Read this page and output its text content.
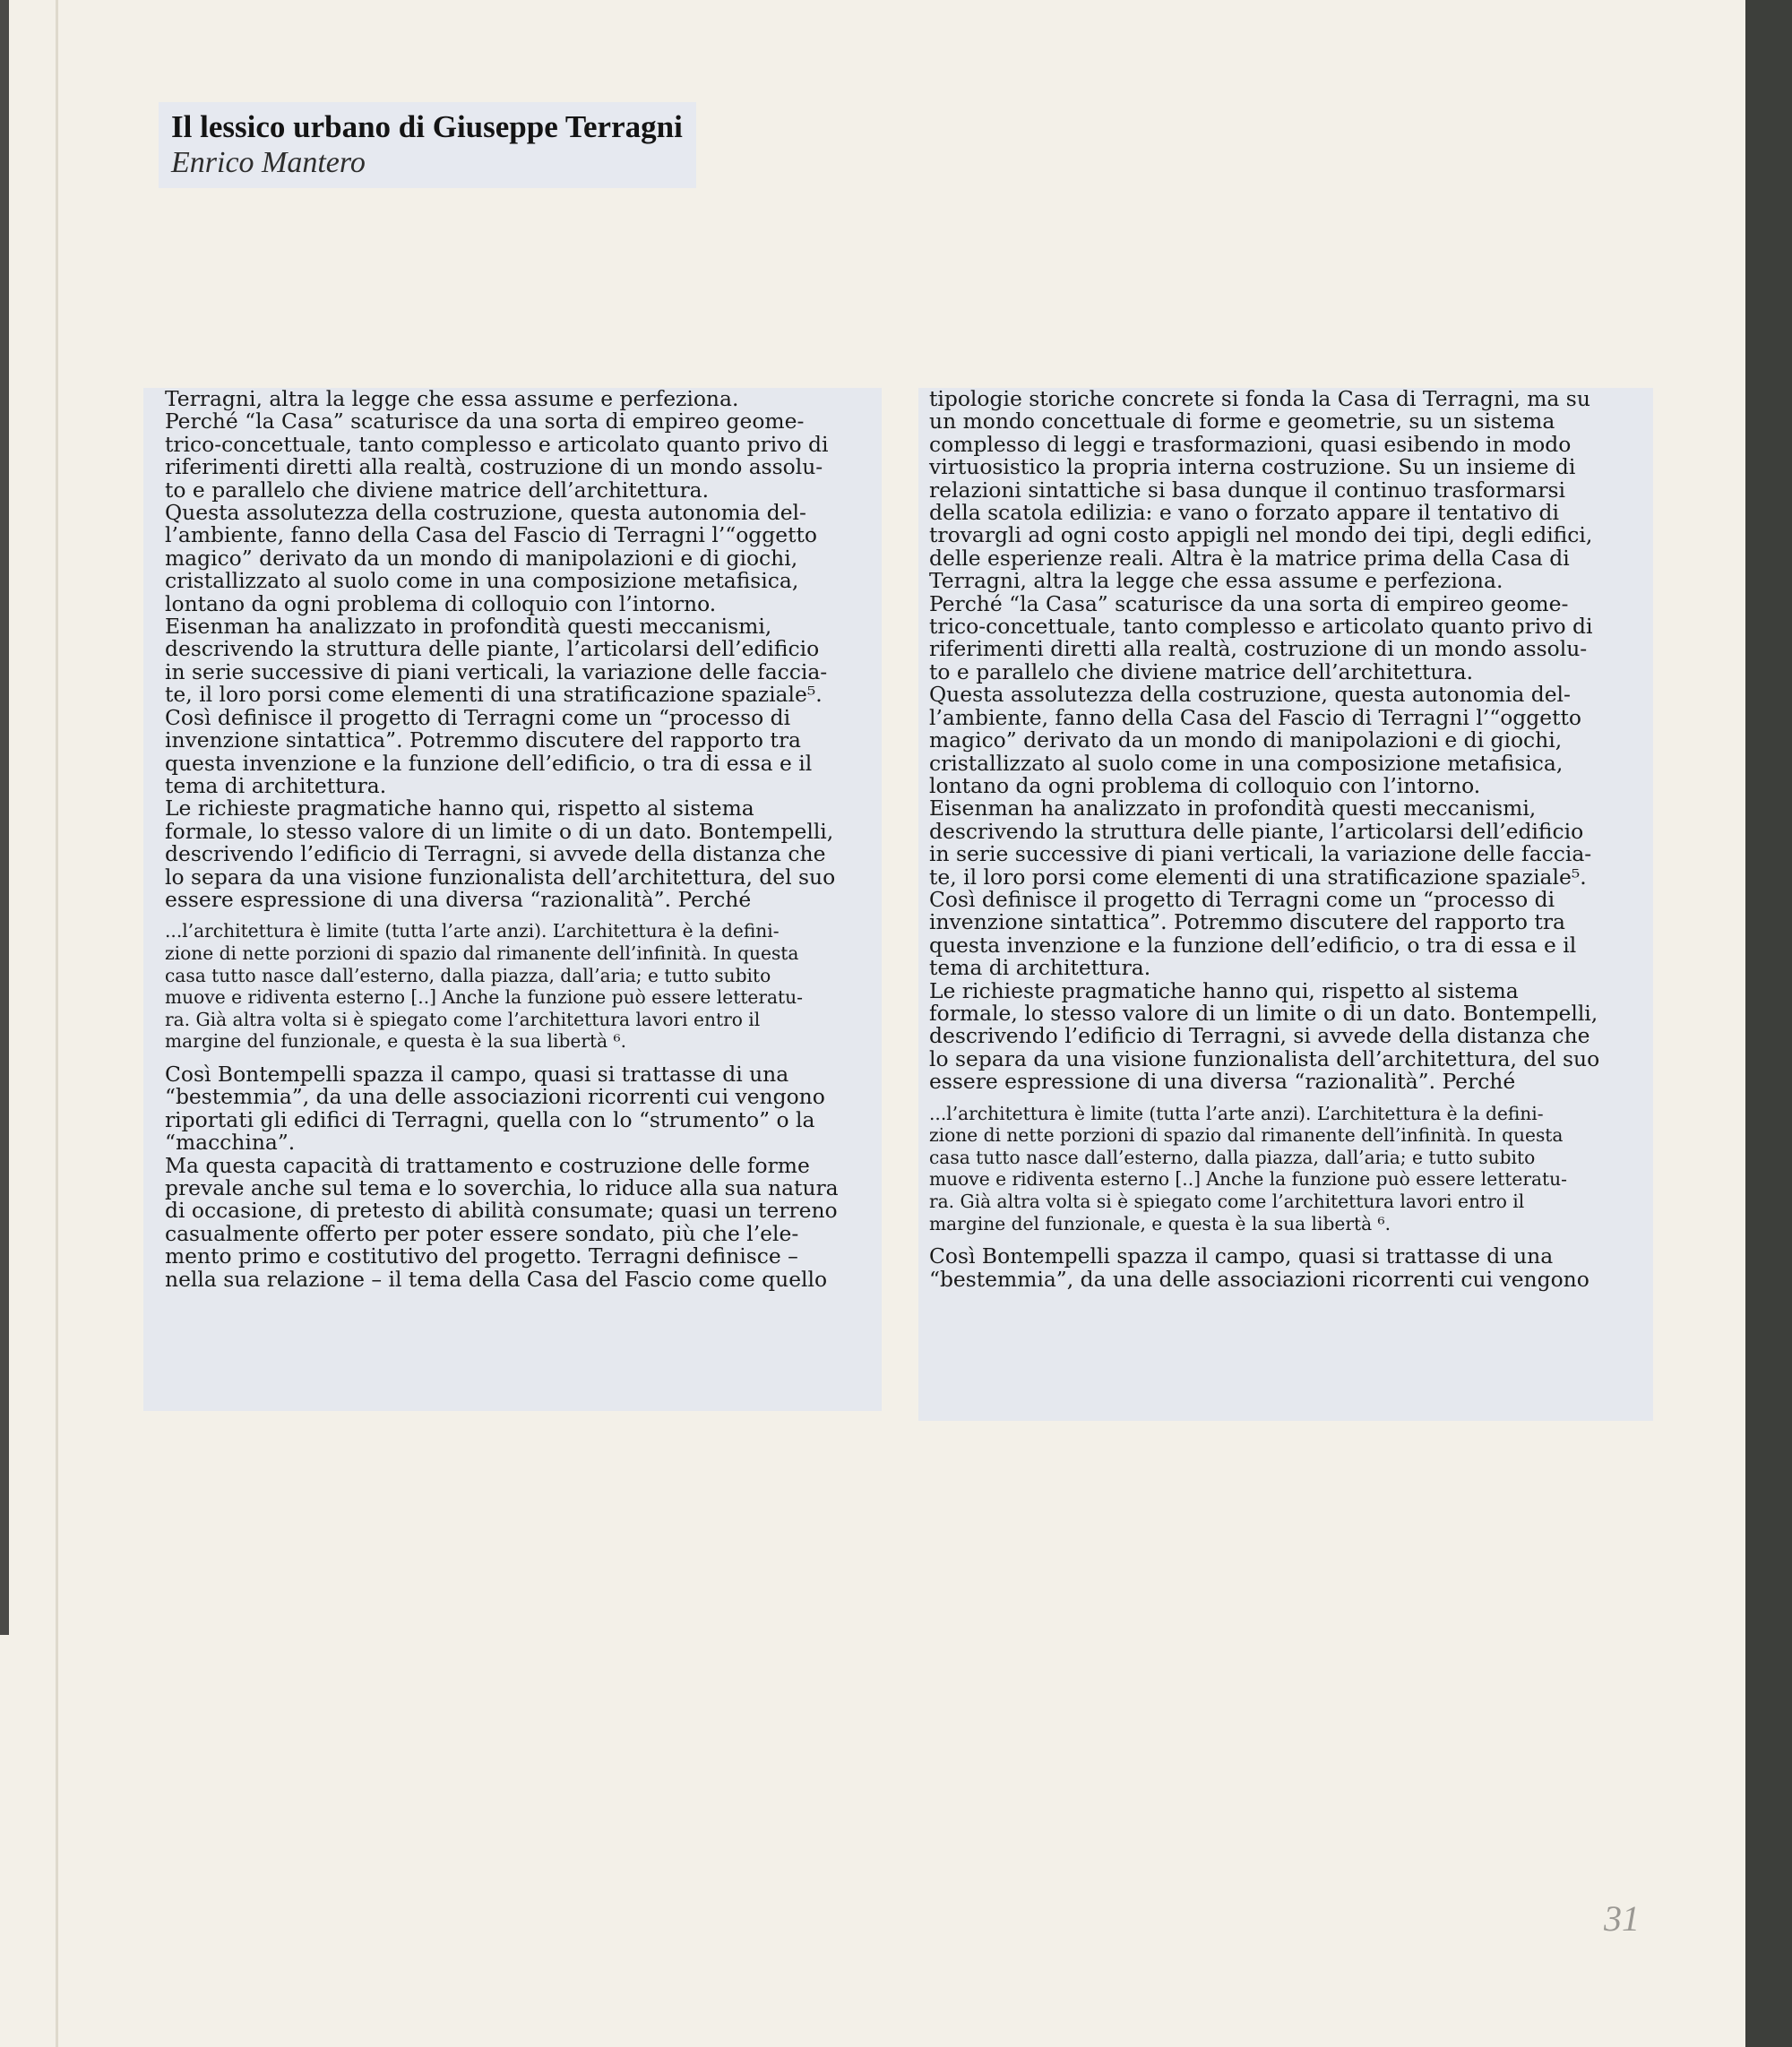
Il lessico urbano di Giuseppe Terragni
Enrico Mantero

Terragni, altra la legge che essa assume e perfeziona.

Perché “la Casa” scaturisce da una sorta di empireo geome-

trico-concettuale, tanto complesso e articolato quanto privo di

riferimenti diretti alla realtà, costruzione di un mondo assolu-

to e parallelo che diviene matrice dell’architettura.

Questa assolutezza della costruzione, questa autonomia del-

l’ambiente, fanno della Casa del Fascio di Terragni l’“oggetto

magico” derivato da un mondo di manipolazioni e di giochi,

cristallizzato al suolo come in una composizione metafisica,

lontano da ogni problema di colloquio con l’intorno.

Eisenman ha analizzato in profondità questi meccanismi,

descrivendo la struttura delle piante, l’articolarsi dell’edificio

in serie successive di piani verticali, la variazione delle faccia-

te, il loro porsi come elementi di una stratificazione spaziale⁵.

Così definisce il progetto di Terragni come un “processo di

invenzione sintattica”. Potremmo discutere del rapporto tra

questa invenzione e la funzione dell’edificio, o tra di essa e il

tema di architettura.

Le richieste pragmatiche hanno qui, rispetto al sistema

formale, lo stesso valore di un limite o di un dato. Bontempelli,

descrivendo l’edificio di Terragni, si avvede della distanza che

lo separa da una visione funzionalista dell’architettura, del suo

essere espressione di una diversa “razionalità”. Perché

...l’architettura è limite (tutta l’arte anzi). L’architettura è la defini-

zione di nette porzioni di spazio dal rimanente dell’infinità. In questa

casa tutto nasce dall’esterno, dalla piazza, dall’aria; e tutto subito

muove e ridiventa esterno [..] Anche la funzione può essere letteratu-

ra. Già altra volta si è spiegato come l’architettura lavori entro il

margine del funzionale, e questa è la sua libertà ⁶.

Così Bontempelli spazza il campo, quasi si trattasse di una

“bestemmia”, da una delle associazioni ricorrenti cui vengono

riportati gli edifici di Terragni, quella con lo “strumento” o la

“macchina”.

Ma questa capacità di trattamento e costruzione delle forme

prevale anche sul tema e lo soverchia, lo riduce alla sua natura

di occasione, di pretesto di abilità consumate; quasi un terreno

casualmente offerto per poter essere sondato, più che l’ele-

mento primo e costitutivo del progetto. Terragni definisce –

nella sua relazione – il tema della Casa del Fascio come quello

tipologie storiche concrete si fonda la Casa di Terragni, ma su

un mondo concettuale di forme e geometrie, su un sistema

complesso di leggi e trasformazioni, quasi esibendo in modo

virtuosistico la propria interna costruzione. Su un insieme di

relazioni sintattiche si basa dunque il continuo trasformarsi

della scatola edilizia: e vano o forzato appare il tentativo di

trovargli ad ogni costo appigli nel mondo dei tipi, degli edifici,

delle esperienze reali. Altra è la matrice prima della Casa di

Terragni, altra la legge che essa assume e perfeziona.

Perché “la Casa” scaturisce da una sorta di empireo geome-

trico-concettuale, tanto complesso e articolato quanto privo di

riferimenti diretti alla realtà, costruzione di un mondo assolu-

to e parallelo che diviene matrice dell’architettura.

Questa assolutezza della costruzione, questa autonomia del-

l’ambiente, fanno della Casa del Fascio di Terragni l’“oggetto

magico” derivato da un mondo di manipolazioni e di giochi,

cristallizzato al suolo come in una composizione metafisica,

lontano da ogni problema di colloquio con l’intorno.

Eisenman ha analizzato in profondità questi meccanismi,

descrivendo la struttura delle piante, l’articolarsi dell’edificio

in serie successive di piani verticali, la variazione delle faccia-

te, il loro porsi come elementi di una stratificazione spaziale⁵.

Così definisce il progetto di Terragni come un “processo di

invenzione sintattica”. Potremmo discutere del rapporto tra

questa invenzione e la funzione dell’edificio, o tra di essa e il

tema di architettura.

Le richieste pragmatiche hanno qui, rispetto al sistema

formale, lo stesso valore di un limite o di un dato. Bontempelli,

descrivendo l’edificio di Terragni, si avvede della distanza che

lo separa da una visione funzionalista dell’architettura, del suo

essere espressione di una diversa “razionalità”. Perché

...l’architettura è limite (tutta l’arte anzi). L’architettura è la defini-

zione di nette porzioni di spazio dal rimanente dell’infinità. In questa

casa tutto nasce dall’esterno, dalla piazza, dall’aria; e tutto subito

muove e ridiventa esterno [..] Anche la funzione può essere letteratu-

ra. Già altra volta si è spiegato come l’architettura lavori entro il

margine del funzionale, e questa è la sua libertà ⁶.

Così Bontempelli spazza il campo, quasi si trattasse di una

“bestemmia”, da una delle associazioni ricorrenti cui vengono

31
